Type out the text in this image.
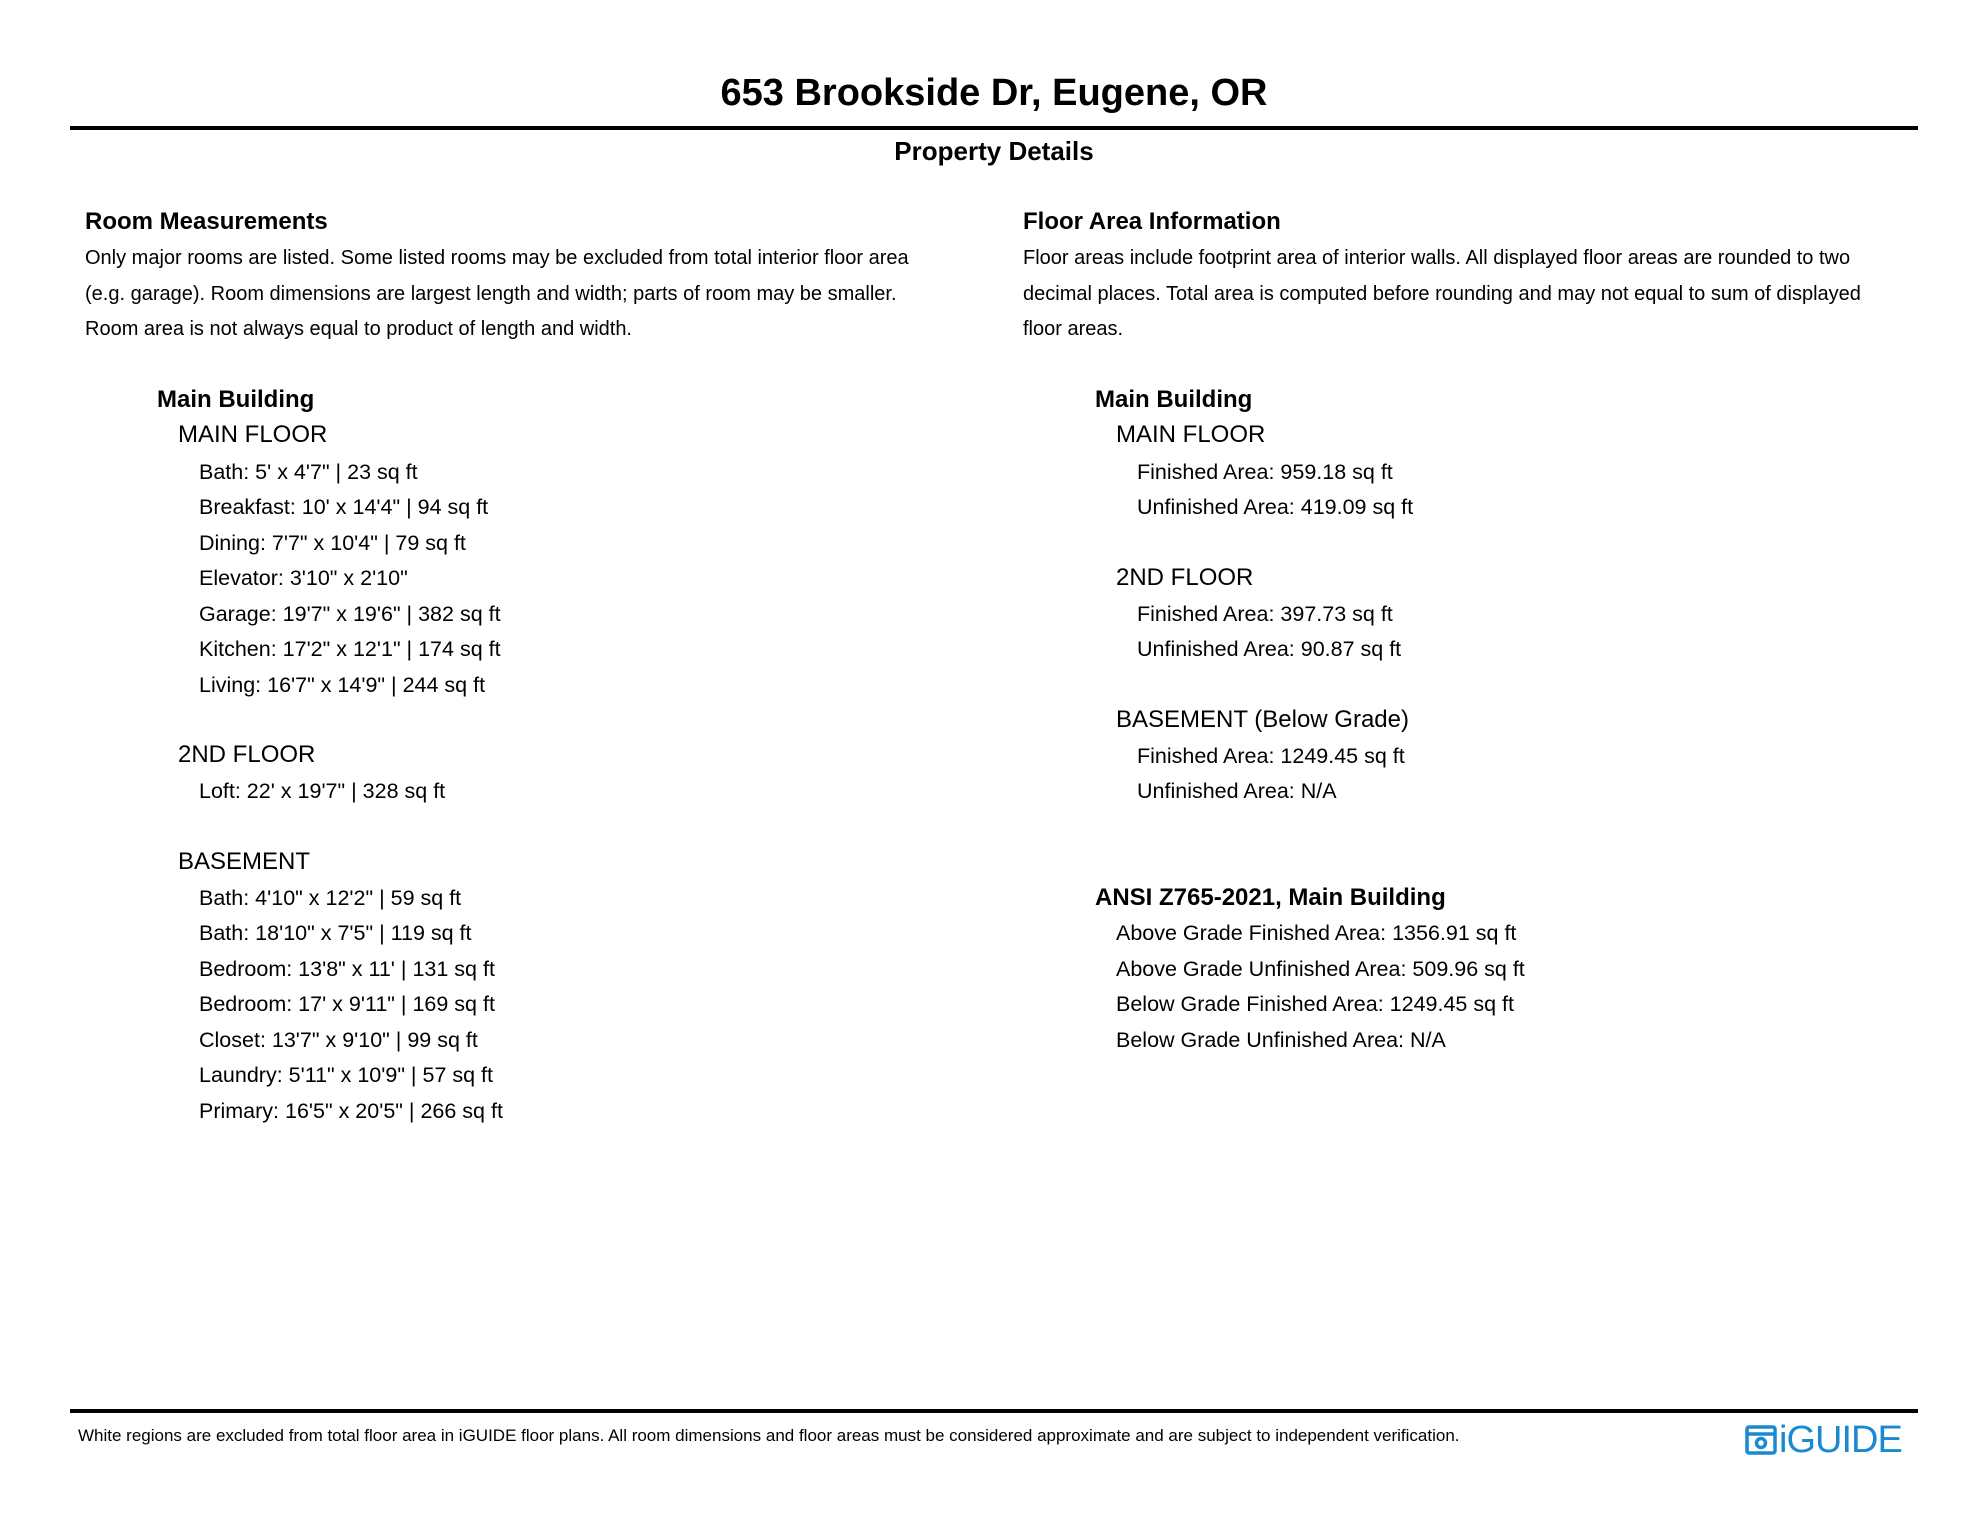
653 Brookside Dr, Eugene, OR
Property Details
Room Measurements
Only major rooms are listed. Some listed rooms may be excluded from total interior floor area
(e.g. garage). Room dimensions are largest length and width; parts of room may be smaller.
Room area is not always equal to product of length and width.
Main Building
MAIN FLOOR
Bath: 5' x 4'7" | 23 sq ft
Breakfast: 10' x 14'4" | 94 sq ft
Dining: 7'7" x 10'4" | 79 sq ft
Elevator: 3'10" x 2'10"
Garage: 19'7" x 19'6" | 382 sq ft
Kitchen: 17'2" x 12'1" | 174 sq ft
Living: 16'7" x 14'9" | 244 sq ft
2ND FLOOR
Loft: 22' x 19'7" | 328 sq ft
BASEMENT
Bath: 4'10" x 12'2" | 59 sq ft
Bath: 18'10" x 7'5" | 119 sq ft
Bedroom: 13'8" x 11' | 131 sq ft
Bedroom: 17' x 9'11" | 169 sq ft
Closet: 13'7" x 9'10" | 99 sq ft
Laundry: 5'11" x 10'9" | 57 sq ft
Primary: 16'5" x 20'5" | 266 sq ft
Floor Area Information
Floor areas include footprint area of interior walls. All displayed floor areas are rounded to two
decimal places. Total area is computed before rounding and may not equal to sum of displayed
floor areas.
Main Building
MAIN FLOOR
Finished Area: 959.18 sq ft
Unfinished Area: 419.09 sq ft
2ND FLOOR
Finished Area: 397.73 sq ft
Unfinished Area: 90.87 sq ft
BASEMENT (Below Grade)
Finished Area: 1249.45 sq ft
Unfinished Area: N/A
ANSI Z765-2021, Main Building
Above Grade Finished Area: 1356.91 sq ft
Above Grade Unfinished Area: 509.96 sq ft
Below Grade Finished Area: 1249.45 sq ft
Below Grade Unfinished Area: N/A
White regions are excluded from total floor area in iGUIDE floor plans. All room dimensions and floor areas must be considered approximate and are subject to independent verification.	iGUIDE
